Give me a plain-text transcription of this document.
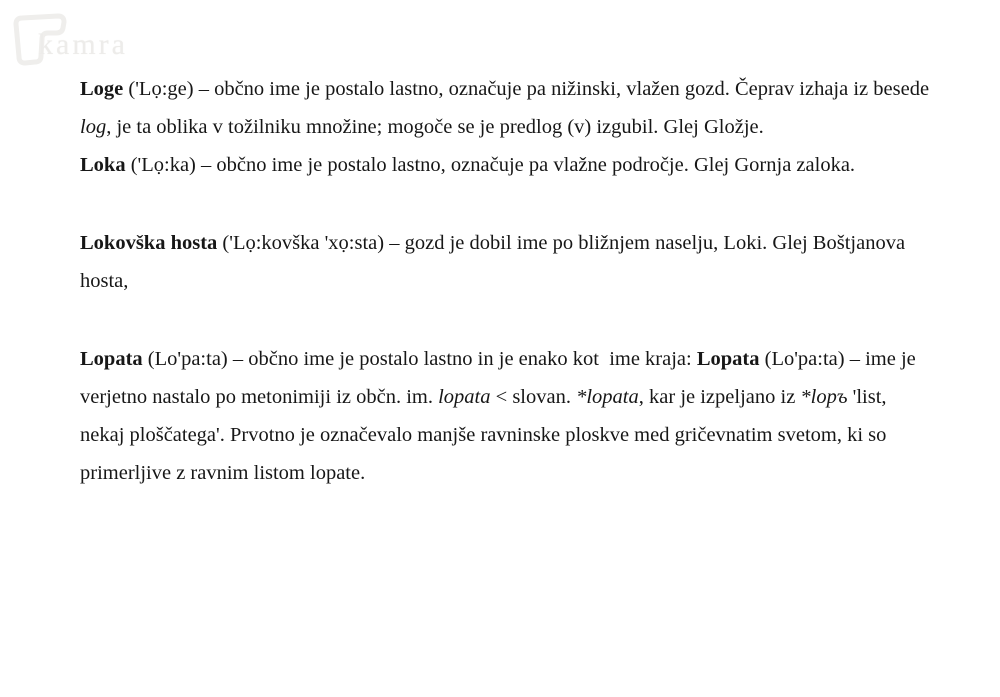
kamra

Loge ('Lọ:ge) – občno ime je postalo lastno, označuje pa nižinski, vlažen gozd. Čeprav izhaja iz besede log, je ta oblika v tožilniku množine; mogoče se je predlog (v) izgubil. Glej Gložje.

Loka ('Lọ:ka) – občno ime je postalo lastno, označuje pa vlažne področje. Glej Gornja zaloka.

Lokovška hosta ('Lọ:kovška 'xọ:sta) – gozd je dobil ime po bližnjem naselju, Loki. Glej Boštjanova hosta,

Lopata (Lo'pa:ta) – občno ime je postalo lastno in je enako kot  ime kraja: Lopata (Lo'pa:ta) – ime je verjetno nastalo po metonimiji iz občn. im. lopata < slovan. *lopata, kar je izpeljano iz *lopъ 'list, nekaj ploščatega'. Prvotno je označevalo manjše ravninske ploskve med gričevnatim svetom, ki so primerljive z ravnim listom lopate.
